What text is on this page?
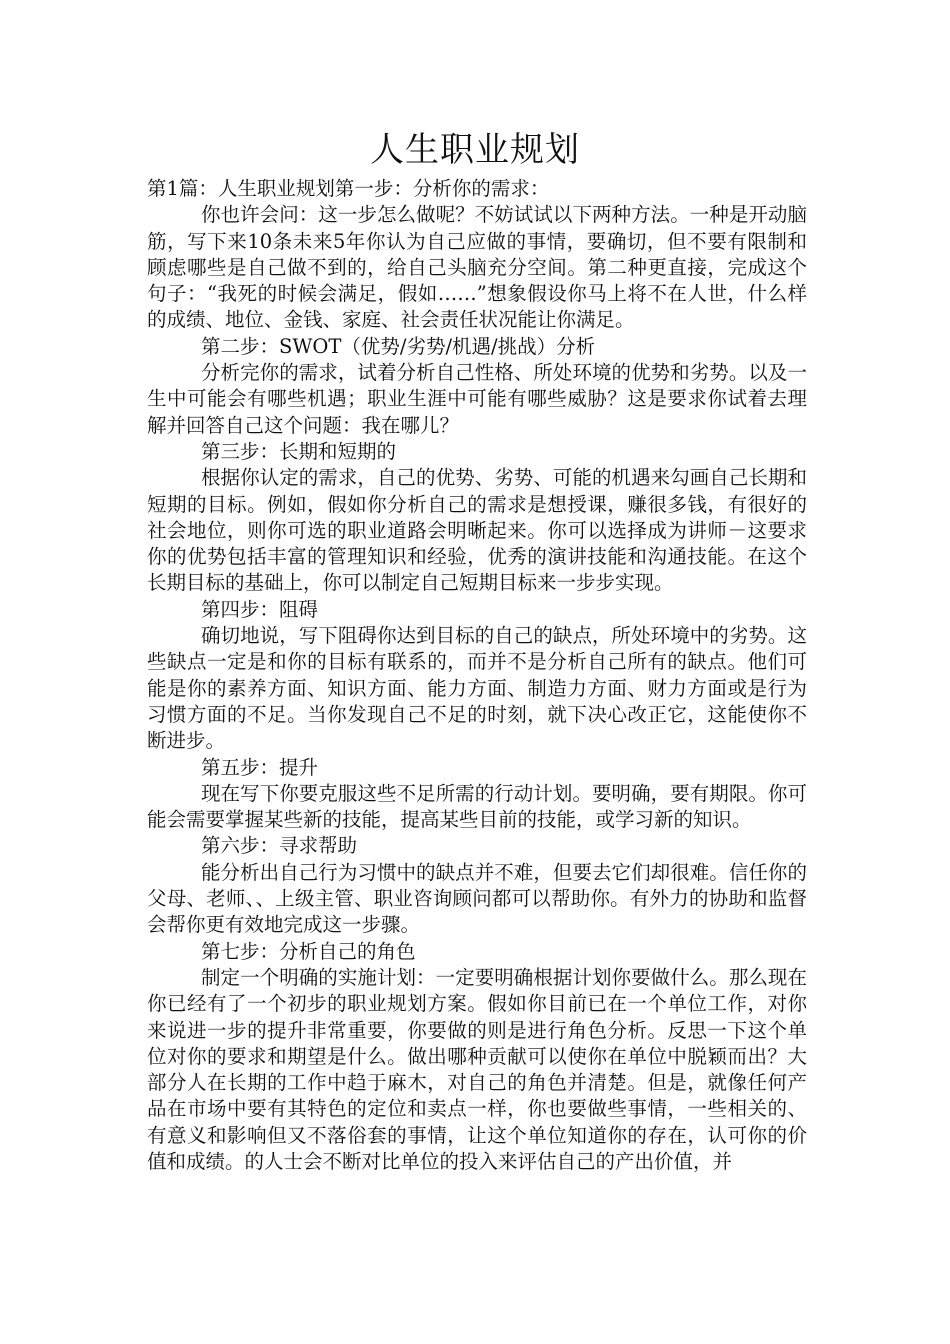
人生职业规划

第1篇：人生职业规划第一步：分析你的需求：

你也许会问：这一步怎么做呢？不妨试试以下两种方法。一种是开动脑筋，写下来10条未来5年你认为自己应做的事情，要确切，但不要有限制和顾虑哪些是自己做不到的，给自己头脑充分空间。第二种更直接，完成这个句子：“我死的时候会满足，假如……”想象假设你马上将不在人世，什么样的成绩、地位、金钱、家庭、社会责任状况能让你满足。

第二步：SWOT（优势/劣势/机遇/挑战）分析

分析完你的需求，试着分析自己性格、所处环境的优势和劣势。以及一生中可能会有哪些机遇；职业生涯中可能有哪些威胁？这是要求你试着去理解并回答自己这个问题：我在哪儿？

第三步：长期和短期的

根据你认定的需求，自己的优势、劣势、可能的机遇来勾画自己长期和短期的目标。例如，假如你分析自己的需求是想授课，赚很多钱，有很好的社会地位，则你可选的职业道路会明晰起来。你可以选择成为讲师－这要求你的优势包括丰富的管理知识和经验，优秀的演讲技能和沟通技能。在这个长期目标的基础上，你可以制定自己短期目标来一步步实现。

第四步：阻碍

确切地说，写下阻碍你达到目标的自己的缺点，所处环境中的劣势。这些缺点一定是和你的目标有联系的，而并不是分析自己所有的缺点。他们可能是你的素养方面、知识方面、能力方面、制造力方面、财力方面或是行为习惯方面的不足。当你发现自己不足的时刻，就下决心改正它，这能使你不断进步。

第五步：提升

现在写下你要克服这些不足所需的行动计划。要明确，要有期限。你可能会需要掌握某些新的技能，提高某些目前的技能，或学习新的知识。

第六步：寻求帮助

能分析出自己行为习惯中的缺点并不难，但要去它们却很难。信任你的父母、老师、、上级主管、职业咨询顾问都可以帮助你。有外力的协助和监督会帮你更有效地完成这一步骤。

第七步：分析自己的角色

制定一个明确的实施计划：一定要明确根据计划你要做什么。那么现在你已经有了一个初步的职业规划方案。假如你目前已在一个单位工作，对你来说进一步的提升非常重要，你要做的则是进行角色分析。反思一下这个单位对你的要求和期望是什么。做出哪种贡献可以使你在单位中脱颖而出？大部分人在长期的工作中趋于麻木，对自己的角色并清楚。但是，就像任何产品在市场中要有其特色的定位和卖点一样，你也要做些事情，一些相关的、有意义和影响但又不落俗套的事情，让这个单位知道你的存在，认可你的价值和成绩。的人士会不断对比单位的投入来评估自己的产出价值，并
